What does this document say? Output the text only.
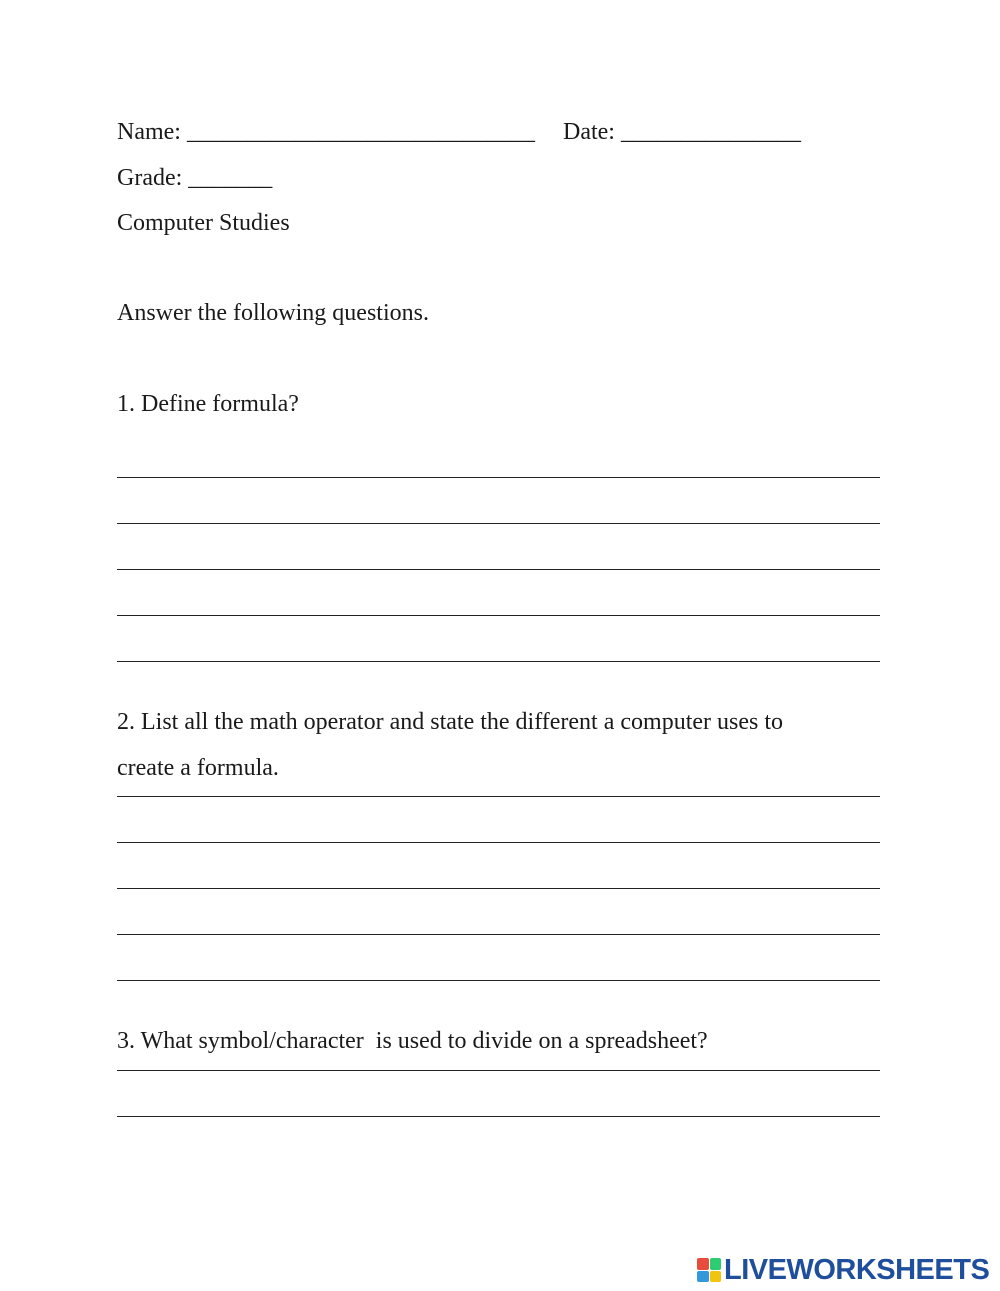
Name: _____________________________ Date: _______________
Grade: _______
Computer Studies
Answer the following questions.
1. Define formula?
2. List all the math operator and state the different a computer uses to
create a formula.
3. What symbol/character  is used to divide on a spreadsheet?
LIVEWORKSHEETS
